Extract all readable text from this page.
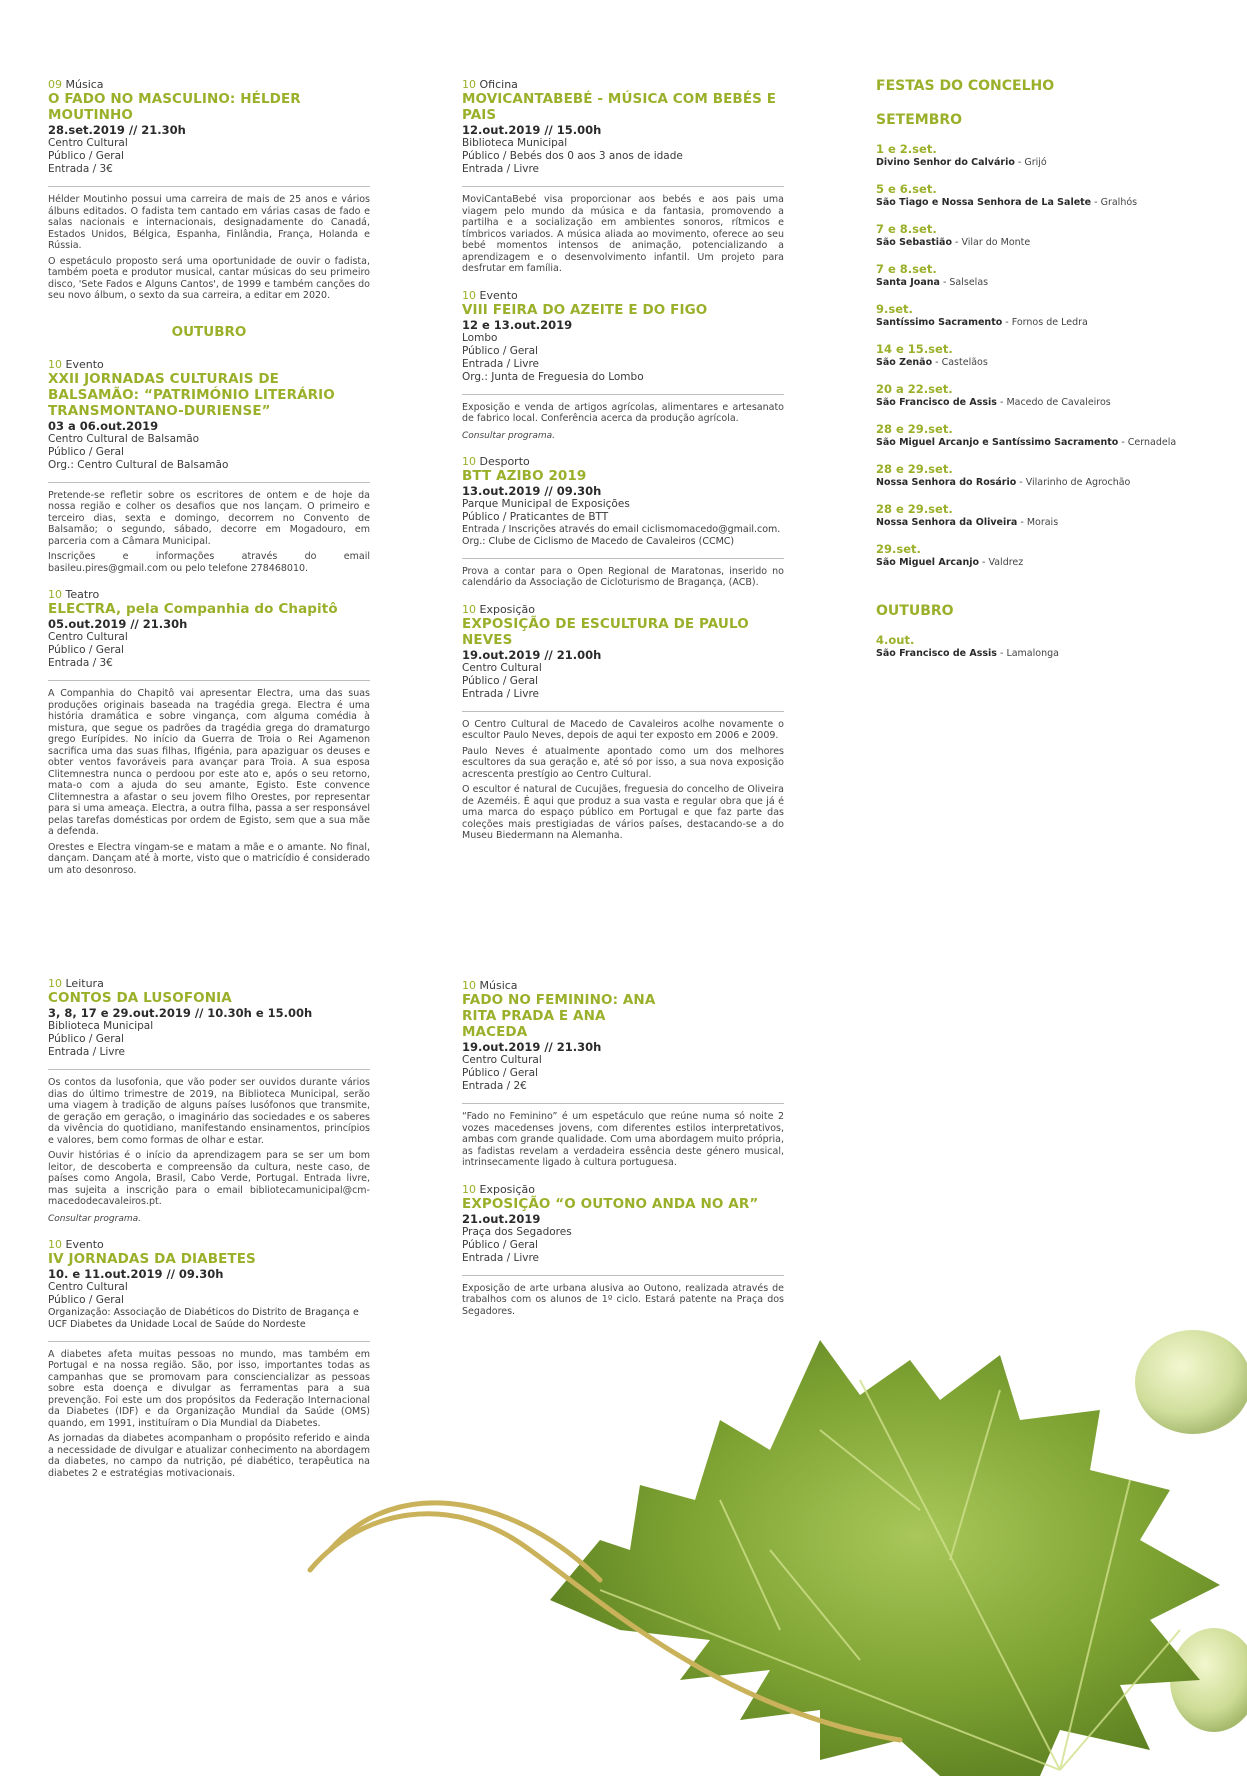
09 Música
O FADO NO MASCULINO: HÉLDER MOUTINHO
28.set.2019 // 21.30h
Centro Cultural
Público / Geral
Entrada / 3€

Hélder Moutinho possui uma carreira de mais de 25 anos e vários álbuns editados. O fadista tem cantado em várias casas de fado e salas nacionais e internacionais, designadamente do Canadá, Estados Unidos, Bélgica, Espanha, Finlândia, França, Holanda e Rússia.

O espetáculo proposto será uma oportunidade de ouvir o fadista, também poeta e produtor musical, cantar músicas do seu primeiro disco, 'Sete Fados e Alguns Cantos', de 1999 e também canções do seu novo álbum, o sexto da sua carreira, a editar em 2020.

OUTUBRO
10 Evento
XXII JORNADAS CULTURAIS DE BALSAMÃO: “PATRIMÓNIO LITERÁRIO TRANSMONTANO-DURIENSE”
03 a 06.out.2019
Centro Cultural de Balsamão
Público / Geral
Org.: Centro Cultural de Balsamão

Pretende-se refletir sobre os escritores de ontem e de hoje da nossa região e colher os desafios que nos lançam. O primeiro e terceiro dias, sexta e domingo, decorrem no Convento de Balsamão; o segundo, sábado, decorre em Mogadouro, em parceria com a Câmara Municipal.

Inscrições e informações através do email basileu.pires@gmail.com ou pelo telefone 278468010.

10 Teatro
ELECTRA, pela Companhia do Chapitô
05.out.2019 // 21.30h
Centro Cultural
Público / Geral
Entrada / 3€

A Companhia do Chapitô vai apresentar Electra, uma das suas produções originais baseada na tragédia grega. Electra é uma história dramática e sobre vingança, com alguma comédia à mistura, que segue os padrões da tragédia grega do dramaturgo grego Eurípides. No início da Guerra de Troia o Rei Agamenon sacrifica uma das suas filhas, Ifigénia, para apaziguar os deuses e obter ventos favoráveis para avançar para Troia. A sua esposa Clitemnestra nunca o perdoou por este ato e, após o seu retorno, mata-o com a ajuda do seu amante, Egisto. Este convence Clitemnestra a afastar o seu jovem filho Orestes, por representar para si uma ameaça. Electra, a outra filha, passa a ser responsável pelas tarefas domésticas por ordem de Egisto, sem que a sua mãe a defenda.

Orestes e Electra vingam-se e matam a mãe e o amante. No final, dançam. Dançam até à morte, visto que o matricídio é considerado um ato desonroso.

10 Leitura
CONTOS DA LUSOFONIA
3, 8, 17 e 29.out.2019 // 10.30h e 15.00h
Biblioteca Municipal
Público / Geral
Entrada / Livre

Os contos da lusofonia, que vão poder ser ouvidos durante vários dias do último trimestre de 2019, na Biblioteca Municipal, serão uma viagem à tradição de alguns países lusófonos que transmite, de geração em geração, o imaginário das sociedades e os saberes da vivência do quotidiano, manifestando ensinamentos, princípios e valores, bem como formas de olhar e estar.

Ouvir histórias é o início da aprendizagem para se ser um bom leitor, de descoberta e compreensão da cultura, neste caso, de países como Angola, Brasil, Cabo Verde, Portugal. Entrada livre, mas sujeita a inscrição para o email bibliotecamunicipal@cm-macedodecavaleiros.pt.

Consultar programa.

10 Evento
IV JORNADAS DA DIABETES
10. e 11.out.2019 // 09.30h
Centro Cultural
Público / Geral
Organização: Associação de Diabéticos do Distrito de Bragança e UCF Diabetes da Unidade Local de Saúde do Nordeste

A diabetes afeta muitas pessoas no mundo, mas também em Portugal e na nossa região. São, por isso, importantes todas as campanhas que se promovam para consciencializar as pessoas sobre esta doença e divulgar as ferramentas para a sua prevenção. Foi este um dos propósitos da Federação Internacional da Diabetes (IDF) e da Organização Mundial da Saúde (OMS) quando, em 1991, instituíram o Dia Mundial da Diabetes.

As jornadas da diabetes acompanham o propósito referido e ainda a necessidade de divulgar e atualizar conhecimento na abordagem da diabetes, no campo da nutrição, pé diabético, terapêutica na diabetes 2 e estratégias motivacionais.

10 Oficina
MOVICANTABEBÉ - MÚSICA COM BEBÉS E PAIS
12.out.2019 // 15.00h
Biblioteca Municipal
Público / Bebés dos 0 aos 3 anos de idade
Entrada / Livre

MoviCantaBebé visa proporcionar aos bebés e aos pais uma viagem pelo mundo da música e da fantasia, promovendo a partilha e a socialização em ambientes sonoros, rítmicos e tímbricos variados. A música aliada ao movimento, oferece ao seu bebé momentos intensos de animação, potencializando a aprendizagem e o desenvolvimento infantil. Um projeto para desfrutar em família.

10 Evento
VIII FEIRA DO AZEITE E DO FIGO
12 e 13.out.2019
Lombo
Público / Geral
Entrada / Livre
Org.: Junta de Freguesia do Lombo

Exposição e venda de artigos agrícolas, alimentares e artesanato de fabrico local. Conferência acerca da produção agrícola.

Consultar programa.

10 Desporto
BTT AZIBO 2019
13.out.2019 // 09.30h
Parque Municipal de Exposições
Público / Praticantes de BTT
Entrada / Inscrições através do email ciclismomacedo@gmail.com.
Org.: Clube de Ciclismo de Macedo de Cavaleiros (CCMC)

Prova a contar para o Open Regional de Maratonas, inserido no calendário da Associação de Cicloturismo de Bragança, (ACB).

10 Exposição
EXPOSIÇÃO DE ESCULTURA DE PAULO NEVES
19.out.2019 // 21.00h
Centro Cultural
Público / Geral
Entrada / Livre

O Centro Cultural de Macedo de Cavaleiros acolhe novamente o escultor Paulo Neves, depois de aqui ter exposto em 2006 e 2009.

Paulo Neves é atualmente apontado como um dos melhores escultores da sua geração e, até só por isso, a sua nova exposição acrescenta prestígio ao Centro Cultural.

O escultor é natural de Cucujães, freguesia do concelho de Oliveira de Azeméis. É aqui que produz a sua vasta e regular obra que já é uma marca do espaço público em Portugal e que faz parte das coleções mais prestigiadas de vários países, destacando-se a do Museu Biedermann na Alemanha.

10 Música
FADO NO FEMININO: ANA RITA PRADA E ANA MACEDA
19.out.2019 // 21.30h
Centro Cultural
Público / Geral
Entrada / 2€

“Fado no Feminino” é um espetáculo que reúne numa só noite 2 vozes macedenses jovens, com diferentes estilos interpretativos, ambas com grande qualidade. Com uma abordagem muito própria, as fadistas revelam a verdadeira essência deste género musical, intrinsecamente ligado à cultura portuguesa.

10 Exposição
EXPOSIÇÃO “O OUTONO ANDA NO AR”
21.out.2019
Praça dos Segadores
Público / Geral
Entrada / Livre

Exposição de arte urbana alusiva ao Outono, realizada através de trabalhos com os alunos de 1º ciclo. Estará patente na Praça dos Segadores.

FESTAS DO CONCELHO
SETEMBRO
1 e 2.set.
Divino Senhor do Calvário - Grijó
5 e 6.set.
São Tiago e Nossa Senhora de La Salete - Gralhós
7 e 8.set.
São Sebastião - Vilar do Monte
7 e 8.set.
Santa Joana - Salselas
9.set.
Santíssimo Sacramento - Fornos de Ledra
14 e 15.set.
São Zenão - Castelãos
20 a 22.set.
São Francisco de Assis - Macedo de Cavaleiros
28 e 29.set.
São Miguel Arcanjo e Santíssimo Sacramento - Cernadela
28 e 29.set.
Nossa Senhora do Rosário - Vilarinho de Agrochão
28 e 29.set.
Nossa Senhora da Oliveira - Morais
29.set.
São Miguel Arcanjo - Valdrez
OUTUBRO
4.out.
São Francisco de Assis - Lamalonga
